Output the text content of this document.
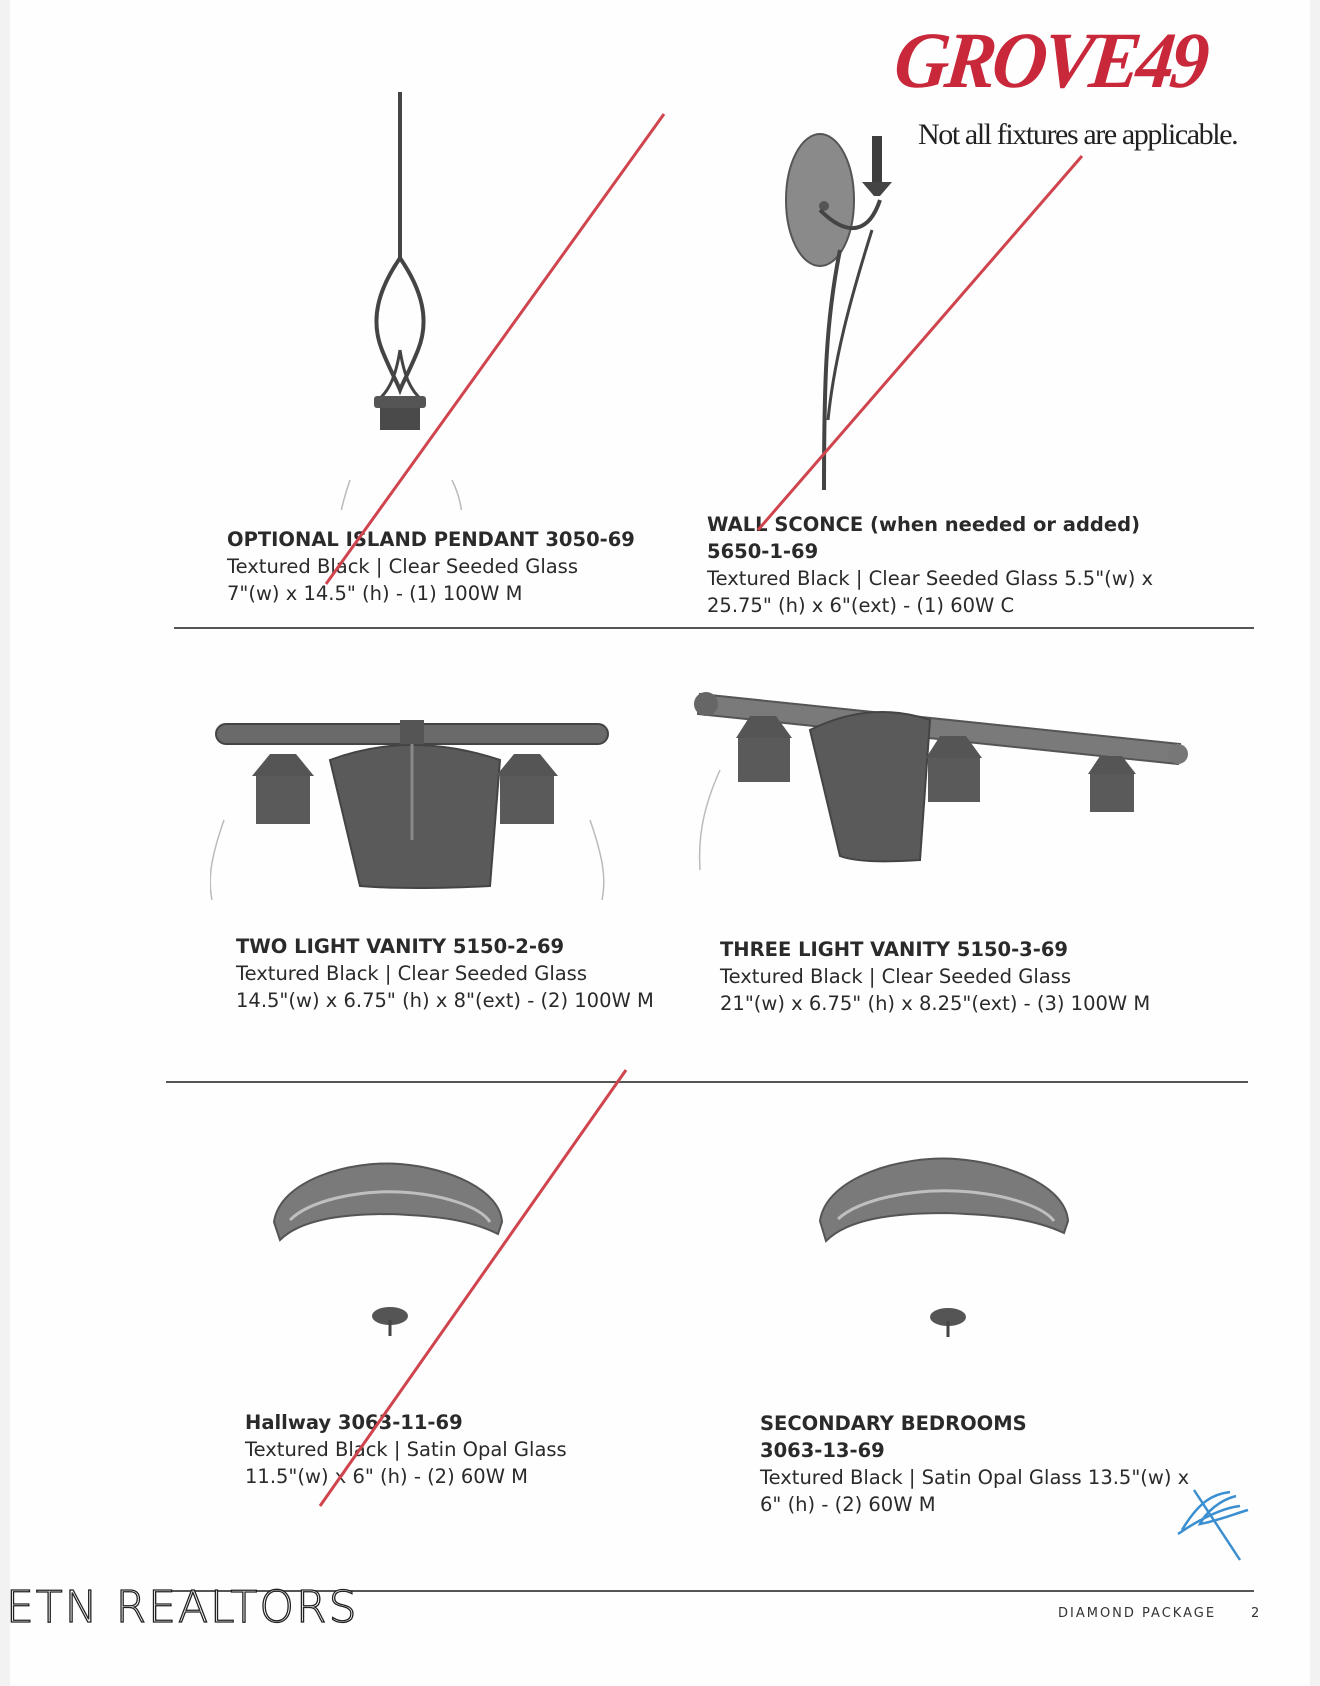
GROVE49
Not all fixtures are applicable.
OPTIONAL ISLAND PENDANT 3050-69
Textured Black | Clear Seeded Glass
7"(w) x 14.5" (h) - (1) 100W M
WALL SCONCE (when needed or added)
5650-1-69
Textured Black | Clear Seeded Glass 5.5"(w) x
25.75" (h) x 6"(ext) - (1) 60W C
TWO LIGHT VANITY 5150-2-69
Textured Black | Clear Seeded Glass
14.5"(w) x 6.75" (h) x 8"(ext) - (2) 100W M
THREE LIGHT VANITY 5150-3-69
Textured Black | Clear Seeded Glass
21"(w) x 6.75" (h) x 8.25"(ext) - (3) 100W M
Hallway 3063-11-69
Textured Black | Satin Opal Glass
11.5"(w) x 6" (h) - (2) 60W M
SECONDARY BEDROOMS
3063-13-69
Textured Black | Satin Opal Glass 13.5"(w) x
6" (h) - (2) 60W M
ETN REALTORS	DIAMOND PACKAGE	2
